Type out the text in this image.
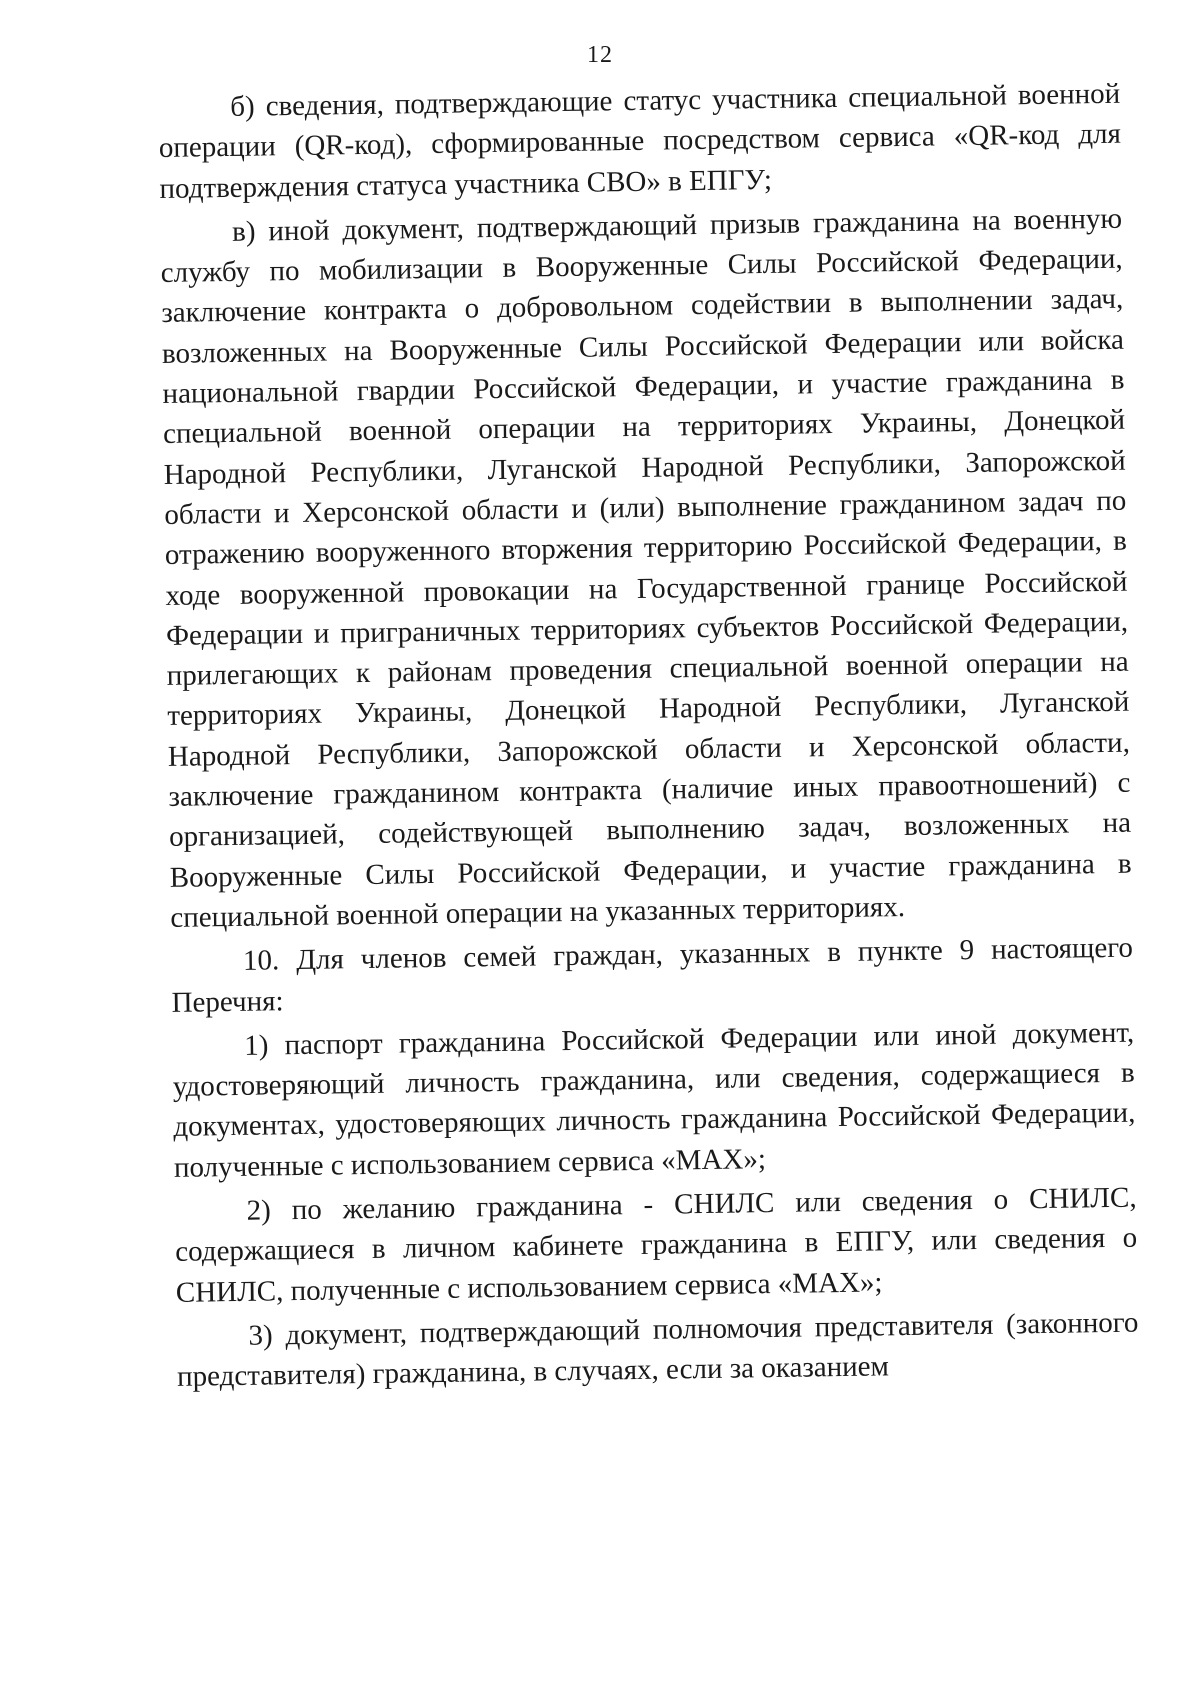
12

б) сведения, подтверждающие статус участника специальной военной операции (QR-код), сформированные посредством сервиса «QR-код для подтверждения статуса участника СВО» в ЕПГУ;

в) иной документ, подтверждающий призыв гражданина на военную службу по мобилизации в Вооруженные Силы Российской Федерации, заключение контракта о добровольном содействии в выполнении задач, возложенных на Вооруженные Силы Российской Федерации или войска национальной гвардии Российской Федерации, и участие гражданина в специальной военной операции на территориях Украины, Донецкой Народной Республики, Луганской Народной Республики, Запорожской области и Херсонской области и (или) выполнение гражданином задач по отражению вооруженного вторжения территорию Российской Федерации, в ходе вооруженной провокации на Государственной границе Российской Федерации и приграничных территориях субъектов Российской Федерации, прилегающих к районам проведения специальной военной операции на территориях Украины, Донецкой Народной Республики, Луганской Народной Республики, Запорожской области и Херсонской области, заключение гражданином контракта (наличие иных правоотношений) с организацией, содействующей выполнению задач, возложенных на Вооруженные Силы Российской Федерации, и участие гражданина в специальной военной операции на указанных территориях.

10. Для членов семей граждан, указанных в пункте 9 настоящего Перечня:

1) паспорт гражданина Российской Федерации или иной документ, удостоверяющий личность гражданина, или сведения, содержащиеся в документах, удостоверяющих личность гражданина Российской Федерации, полученные с использованием сервиса «MAX»;

2) по желанию гражданина - СНИЛС или сведения о СНИЛС, содержащиеся в личном кабинете гражданина в ЕПГУ, или сведения о СНИЛС, полученные с использованием сервиса «MAX»;

3) документ, подтверждающий полномочия представителя (законного представителя) гражданина, в случаях, если за оказанием
